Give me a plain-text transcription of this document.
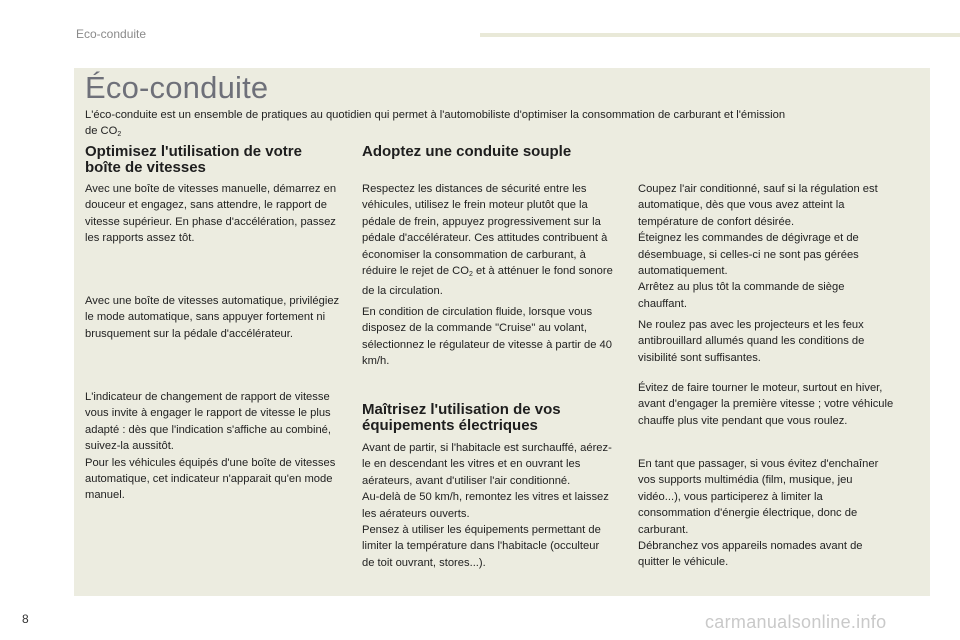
Eco-conduite
Éco-conduite
L'éco-conduite est un ensemble de pratiques au quotidien qui permet à l'automobiliste d'optimiser la consommation de carburant et l'émission
de $CO_2$
Optimisez l'utilisation de votre
boîte de vitesses

Avec une boîte de vitesses manuelle, démarrez en douceur et engagez, sans attendre, le rapport de vitesse supérieur. En phase d'accélération, passez les rapports assez tôt.

Avec une boîte de vitesses automatique, privilégiez le mode automatique, sans appuyer fortement ni brusquement sur la pédale d'accélérateur.

L'indicateur de changement de rapport de vitesse vous invite à engager le rapport de vitesse le plus adapté : dès que l'indication s'affiche au combiné, suivez-la aussitôt.

Pour les véhicules équipés d'une boîte de vitesses automatique, cet indicateur n'apparait qu'en mode manuel.

Adoptez une conduite souple

Respectez les distances de sécurité entre les véhicules, utilisez le frein moteur plutôt que la pédale de frein, appuyez progressivement sur la pédale d'accélérateur. Ces attitudes contribuent à économiser la consommation de carburant, à réduire le rejet de $CO_2$ et à atténuer le fond sonore de la circulation.

En condition de circulation fluide, lorsque vous disposez de la commande "Cruise" au volant, sélectionnez le régulateur de vitesse à partir de 40 km/h.

Maîtrisez l'utilisation de vos
équipements électriques

Avant de partir, si l'habitacle est surchauffé, aérez-le en descendant les vitres et en ouvrant les aérateurs, avant d'utiliser l'air conditionné.

Au-delà de 50 km/h, remontez les vitres et laissez les aérateurs ouverts.

Pensez à utiliser les équipements permettant de limiter la température dans l'habitacle (occulteur de toit ouvrant, stores...).

Coupez l'air conditionné, sauf si la régulation est automatique, dès que vous avez atteint la température de confort désirée.

Éteignez les commandes de dégivrage et de désembuage, si celles-ci ne sont pas gérées automatiquement.

Arrêtez au plus tôt la commande de siège chauffant.

Ne roulez pas avec les projecteurs et les feux antibrouillard allumés quand les conditions de visibilité sont suffisantes.

Évitez de faire tourner le moteur, surtout en hiver, avant d'engager la première vitesse ; votre véhicule chauffe plus vite pendant que vous roulez.

En tant que passager, si vous évitez d'enchaîner vos supports multimédia (film, musique, jeu vidéo...), vous participerez à limiter la consommation d'énergie électrique, donc de carburant.

Débranchez vos appareils nomades avant de quitter le véhicule.

8	carmanualsonline.info
